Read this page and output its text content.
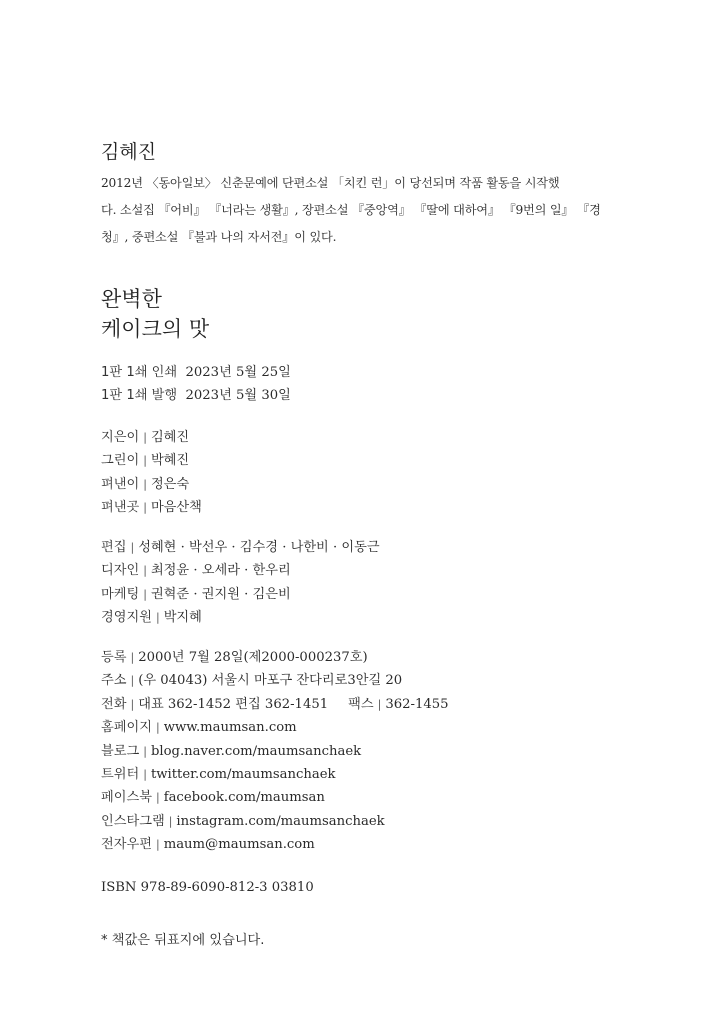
김혜진
2012년 〈동아일보〉 신춘문예에 단편소설 「치킨 런」이 당선되며 작품 활동을 시작했
다. 소설집 『어비』 『너라는 생활』, 장편소설 『중앙역』 『딸에 대하여』 『9번의 일』 『경
청』, 중편소설 『불과 나의 자서전』이 있다.
완벽한
케이크의 맛
1판 1쇄 인쇄 2023년 5월 25일
1판 1쇄 발행 2023년 5월 30일
지은이 | 김혜진
그린이 | 박혜진
펴낸이 | 정은숙
펴낸곳 | 마음산책
편집 | 성혜현 · 박선우 · 김수경 · 나한비 · 이동근
디자인 | 최정윤 · 오세라 · 한우리
마케팅 | 권혁준 · 권지원 · 김은비
경영지원 | 박지혜
등록 | 2000년 7월 28일(제2000-000237호)
주소 | (우 04043) 서울시 마포구 잔다리로3안길 20
전화 | 대표 362-1452 편집 362-1451 팩스 | 362-1455
홈페이지 | www.maumsan.com
블로그 | blog.naver.com/maumsanchaek
트위터 | twitter.com/maumsanchaek
페이스북 | facebook.com/maumsan
인스타그램 | instagram.com/maumsanchaek
전자우편 | maum@maumsan.com
ISBN 978-89-6090-812-3 03810
* 책값은 뒤표지에 있습니다.
